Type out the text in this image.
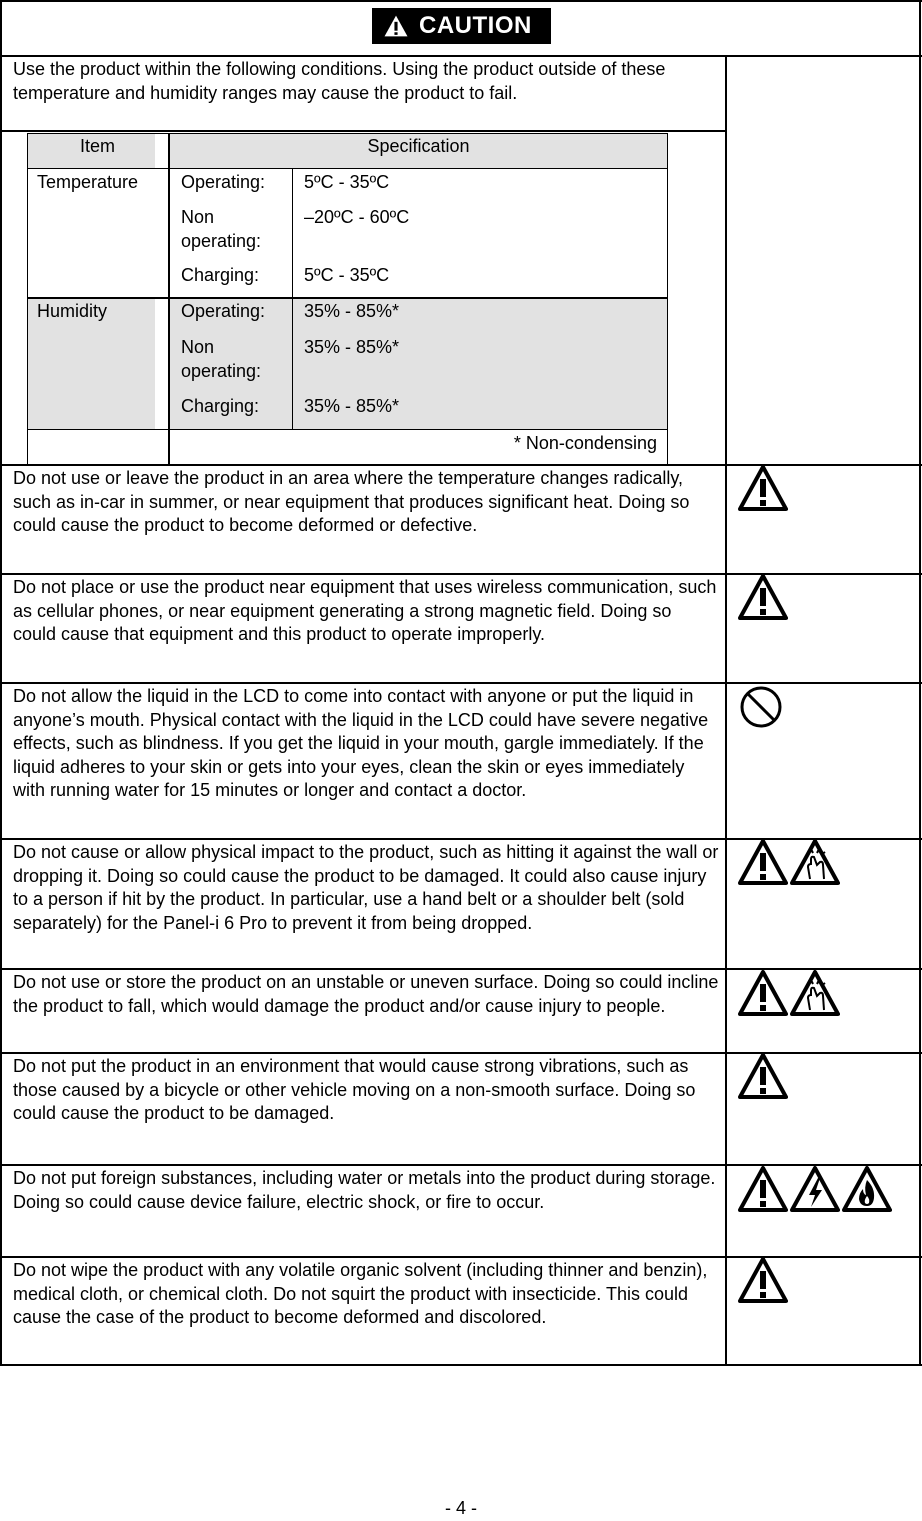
CAUTION
Use the product within the following conditions. Using the product outside of these temperature and humidity ranges may cause the product to fail.
Item	Specification
Temperature Operating: 5ºC - 35ºC
Non operating:
–20ºC - 60ºC
Charging: 5ºC - 35ºC
Humidity	Operating: 35% - 85%*
Non operating:
35% - 85%*
Charging: 35% - 85%*
* Non-condensing
Do not use or leave the product in an area where the temperature changes radically, such as in-car in summer, or near equipment that produces significant heat. Doing so could cause the product to become deformed or defective.
Do not place or use the product near equipment that uses wireless communication, such as cellular phones, or near equipment generating a strong magnetic field. Doing so could cause that equipment and this product to operate improperly.
Do not allow the liquid in the LCD to come into contact with anyone or put the liquid in anyone’s mouth. Physical contact with the liquid in the LCD could have severe negative effects, such as blindness. If you get the liquid in your mouth, gargle immediately. If the liquid adheres to your skin or gets into your eyes, clean the skin or eyes immediately with running water for 15 minutes or longer and contact a doctor.
Do not cause or allow physical impact to the product, such as hitting it against the wall or dropping it. Doing so could cause the product to be damaged. It could also cause injury to a person if hit by the product. In particular, use a hand belt or a shoulder belt (sold separately) for the Panel-i 6 Pro to prevent it from being dropped.
Do not use or store the product on an unstable or uneven surface. Doing so could incline the product to fall, which would damage the product and/or cause injury to people.
Do not put the product in an environment that would cause strong vibrations, such as those caused by a bicycle or other vehicle moving on a non-smooth surface. Doing so could cause the product to be damaged.
Do not put foreign substances, including water or metals into the product during storage. Doing so could cause device failure, electric shock, or fire to occur.
Do not wipe the product with any volatile organic solvent (including thinner and benzin), medical cloth, or chemical cloth. Do not squirt the product with insecticide. This could cause the case of the product to become deformed and discolored.
- 4 -
